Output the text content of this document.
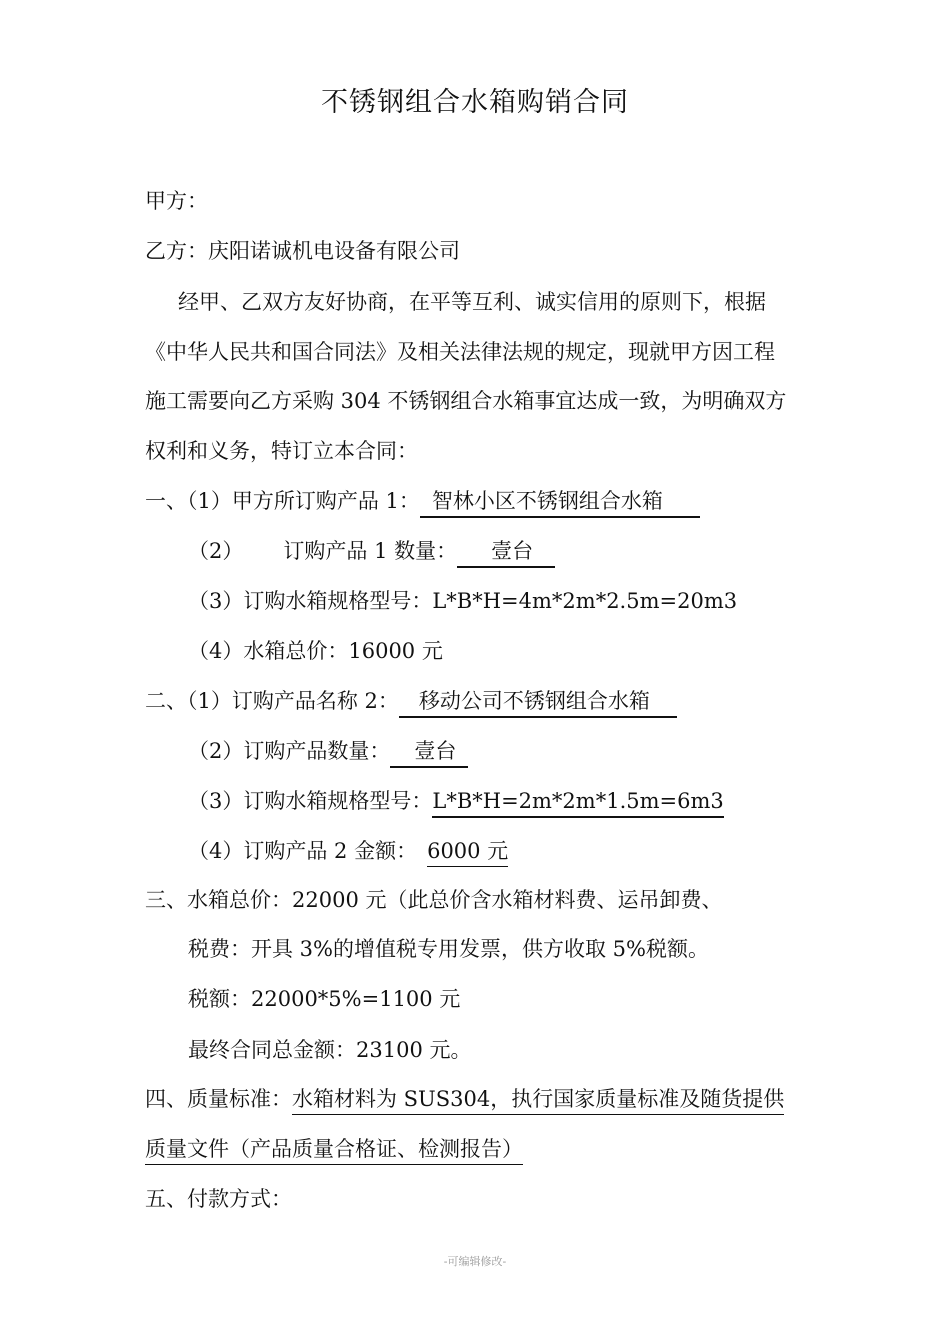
不锈钢组合水箱购销合同
甲方：
乙方：庆阳诺诚机电设备有限公司
经甲、乙双方友好协商，在平等互利、诚实信用的原则下，根据
《中华人民共和国合同法》及相关法律法规的规定，现就甲方因工程
施工需要向乙方采购 304 不锈钢组合水箱事宜达成一致，为明确双方
权利和义务，特订立本合同：
一、（1）甲方所订购产品 1： 智林小区不锈钢组合水箱
（2）      订购产品 1 数量： 壹台
（3）订购水箱规格型号：L*B*H=4m*2m*2.5m=20m3
（4）水箱总价：16000 元
二、（1）订购产品名称 2： 移动公司不锈钢组合水箱
（2）订购产品数量： 壹台
（3）订购水箱规格型号：L*B*H=2m*2m*1.5m=6m3
（4）订购产品 2 金额： 6000 元
三、水箱总价：22000 元（此总价含水箱材料费、运吊卸费、
税费：开具 3%的增值税专用发票，供方收取 5%税额。
税额：22000*5%=1100 元
最终合同总金额：23100 元。
四、质量标准：水箱材料为 SUS304，执行国家质量标准及随货提供
质量文件（产品质量合格证、检测报告）
五、付款方式：
-可编辑修改-
